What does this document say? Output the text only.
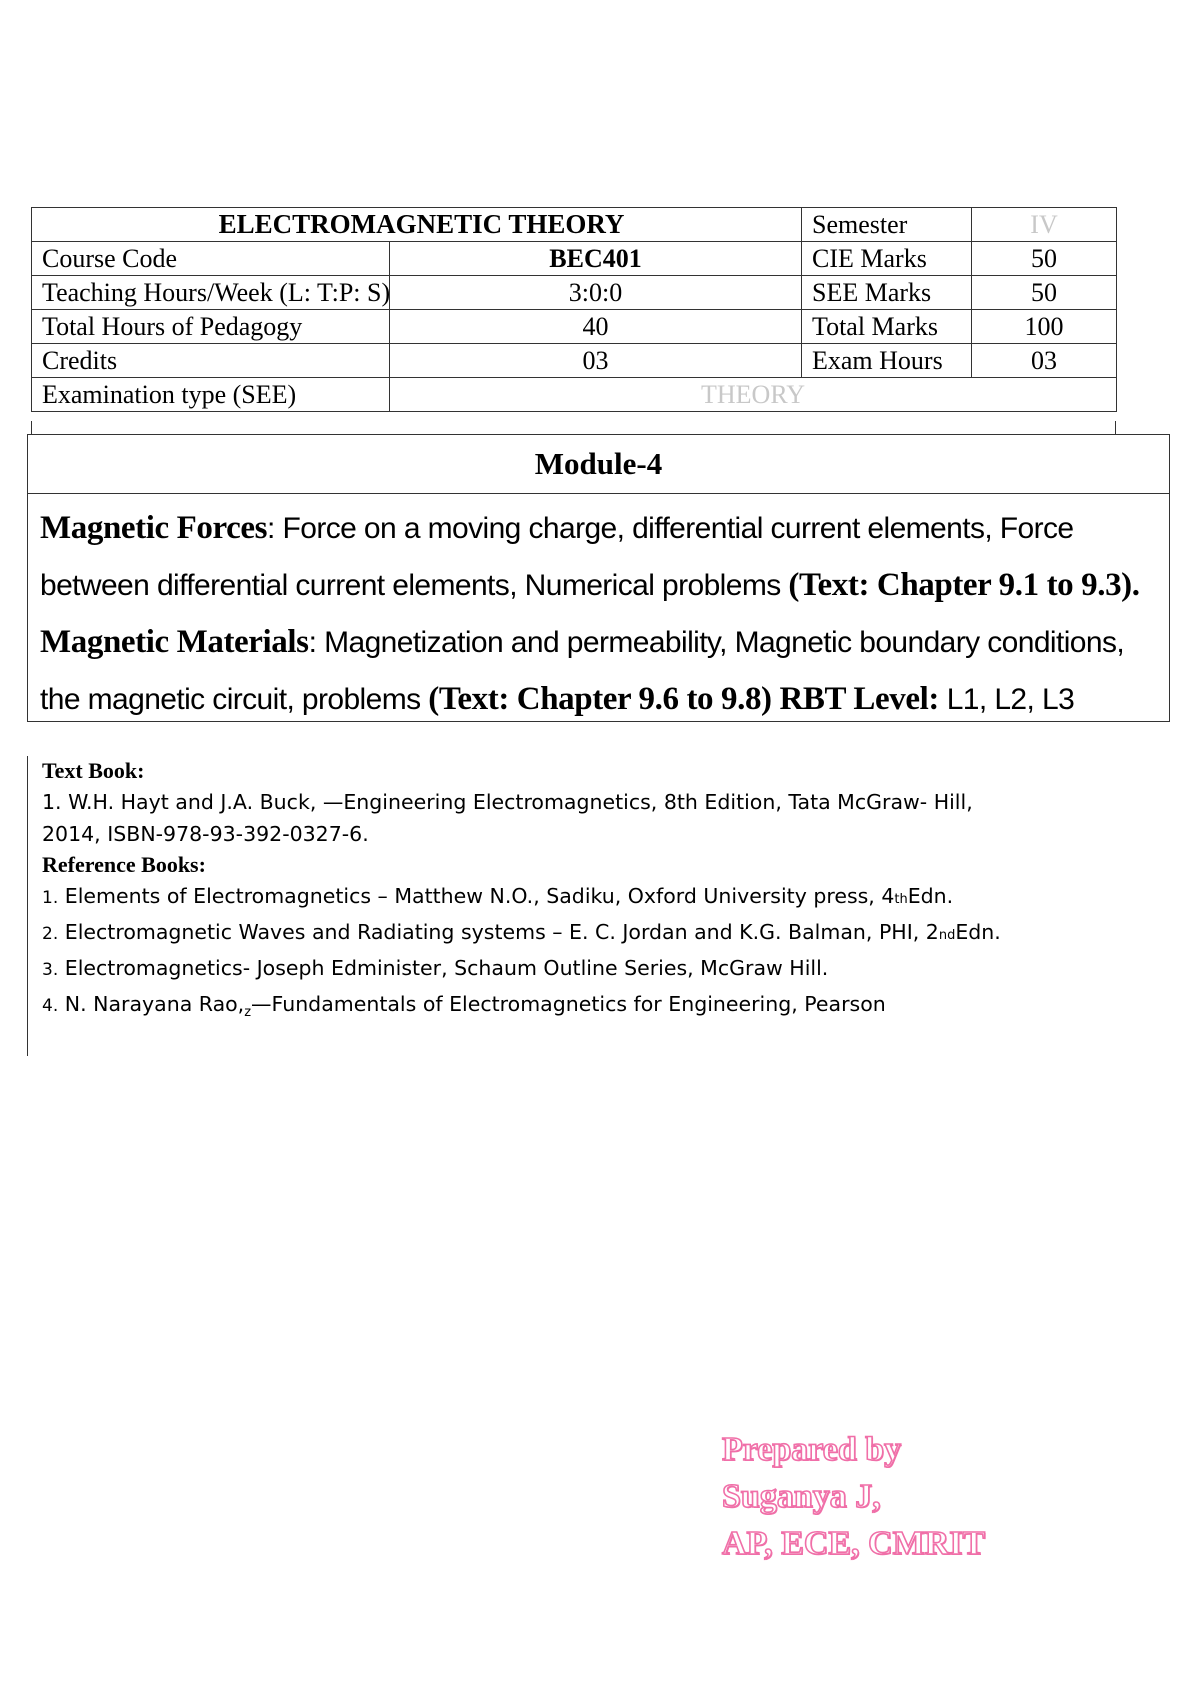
ELECTROMAGNETIC THEORY		Semester	IV
Course Code	BEC401	CIE Marks	50
Teaching Hours/Week (L: T:P: S)	3:0:0	SEE Marks	50
Total Hours of Pedagogy	40	Total Marks	100
Credits	03	Exam Hours	03
Examination type (SEE)	THEORY		
Module-4
Magnetic Forces: Force on a moving charge, differential current elements, Force between differential current elements, Numerical problems (Text: Chapter 9.1 to 9.3).
Magnetic Materials: Magnetization and permeability, Magnetic boundary conditions, the magnetic circuit, problems (Text: Chapter 9.6 to 9.8) RBT Level: L1, L2, L3
Text Book:
1. W.H. Hayt and J.A. Buck, —Engineering Electromagnetics, 8th Edition, Tata McGraw- Hill,
2014, ISBN-978-93-392-0327-6.
Reference Books:
1. Elements of Electromagnetics – Matthew N.O., Sadiku, Oxford University press, 4thEdn.
2. Electromagnetic Waves and Radiating systems – E. C. Jordan and K.G. Balman, PHI, 2ndEdn.
3. Electromagnetics- Joseph Edminister, Schaum Outline Series, McGraw Hill.
4. N. Narayana $Rao,_z—Fundamentals$ of Electromagnetics for Engineering, Pearson
Prepared by
Suganya J,
AP, ECE, CMRIT
